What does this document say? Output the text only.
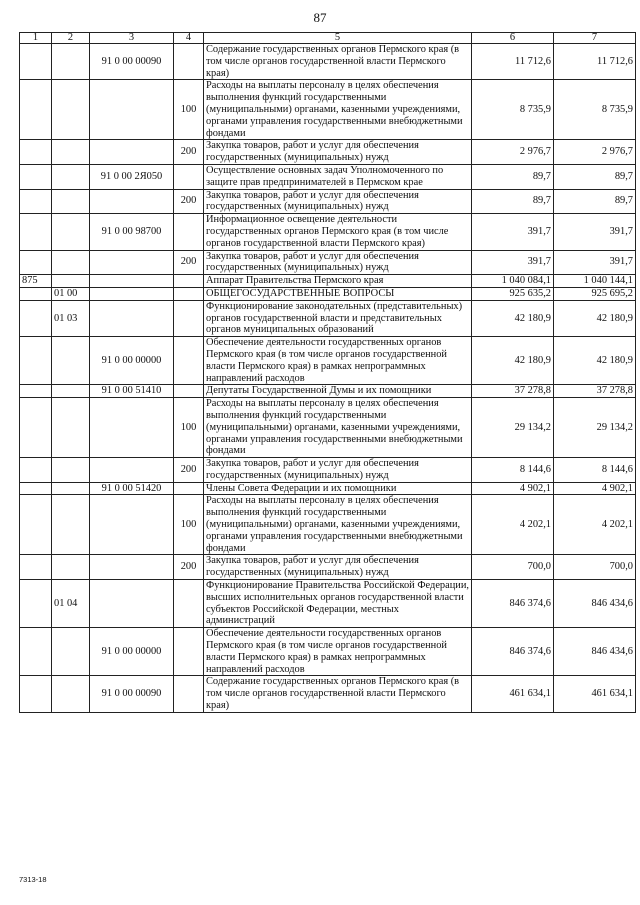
87
1	2	3	4	5	6	7
		91 0 00 00090		Содержание государственных органов Пермского края (в том числе органов государственной власти Пермского края)	11 712,6	11 712,6
			100	Расходы на выплаты персоналу в целях обеспечения выполнения функций государственными (муниципальными) органами, казенными учреждениями, органами управления государственными внебюджетными фондами	8 735,9	8 735,9
			200	Закупка товаров, работ и услуг для обеспечения государственных (муниципальных) нужд	2 976,7	2 976,7
		91 0 00 2Я050		Осуществление основных задач Уполномоченного по защите прав предпринимателей в Пермском крае	89,7	89,7
			200	Закупка товаров, работ и услуг для обеспечения государственных (муниципальных) нужд	89,7	89,7
		91 0 00 98700		Информационное освещение деятельности государственных органов Пермского края (в том числе органов государственной власти Пермского края)	391,7	391,7
			200	Закупка товаров, работ и услуг для обеспечения государственных (муниципальных) нужд	391,7	391,7
875				Аппарат Правительства Пермского края	1 040 084,1	1 040 144,1
	01 00			ОБЩЕГОСУДАРСТВЕННЫЕ ВОПРОСЫ	925 635,2	925 695,2
	01 03			Функционирование законодательных (представительных) органов государственной власти и представительных органов муниципальных образований	42 180,9	42 180,9
		91 0 00 00000		Обеспечение деятельности государственных органов Пермского края (в том числе органов государственной власти Пермского края) в рамках непрограммных направлений расходов	42 180,9	42 180,9
		91 0 00 51410		Депутаты Государственной Думы и их помощники	37 278,8	37 278,8
			100	Расходы на выплаты персоналу в целях обеспечения выполнения функций государственными (муниципальными) органами, казенными учреждениями, органами управления государственными внебюджетными фондами	29 134,2	29 134,2
			200	Закупка товаров, работ и услуг для обеспечения государственных (муниципальных) нужд	8 144,6	8 144,6
		91 0 00 51420		Члены Совета Федерации и их помощники	4 902,1	4 902,1
			100	Расходы на выплаты персоналу в целях обеспечения выполнения функций государственными (муниципальными) органами, казенными учреждениями, органами управления государственными внебюджетными фондами	4 202,1	4 202,1
			200	Закупка товаров, работ и услуг для обеспечения государственных (муниципальных) нужд	700,0	700,0
	01 04			Функционирование Правительства Российской Федерации, высших исполнительных органов государственной власти субъектов Российской Федерации, местных администраций	846 374,6	846 434,6
		91 0 00 00000		Обеспечение деятельности государственных органов Пермского края (в том числе органов государственной власти Пермского края) в рамках непрограммных направлений расходов	846 374,6	846 434,6
		91 0 00 00090		Содержание государственных органов Пермского края (в том числе органов государственной власти Пермского края)	461 634,1	461 634,1
7313-18
